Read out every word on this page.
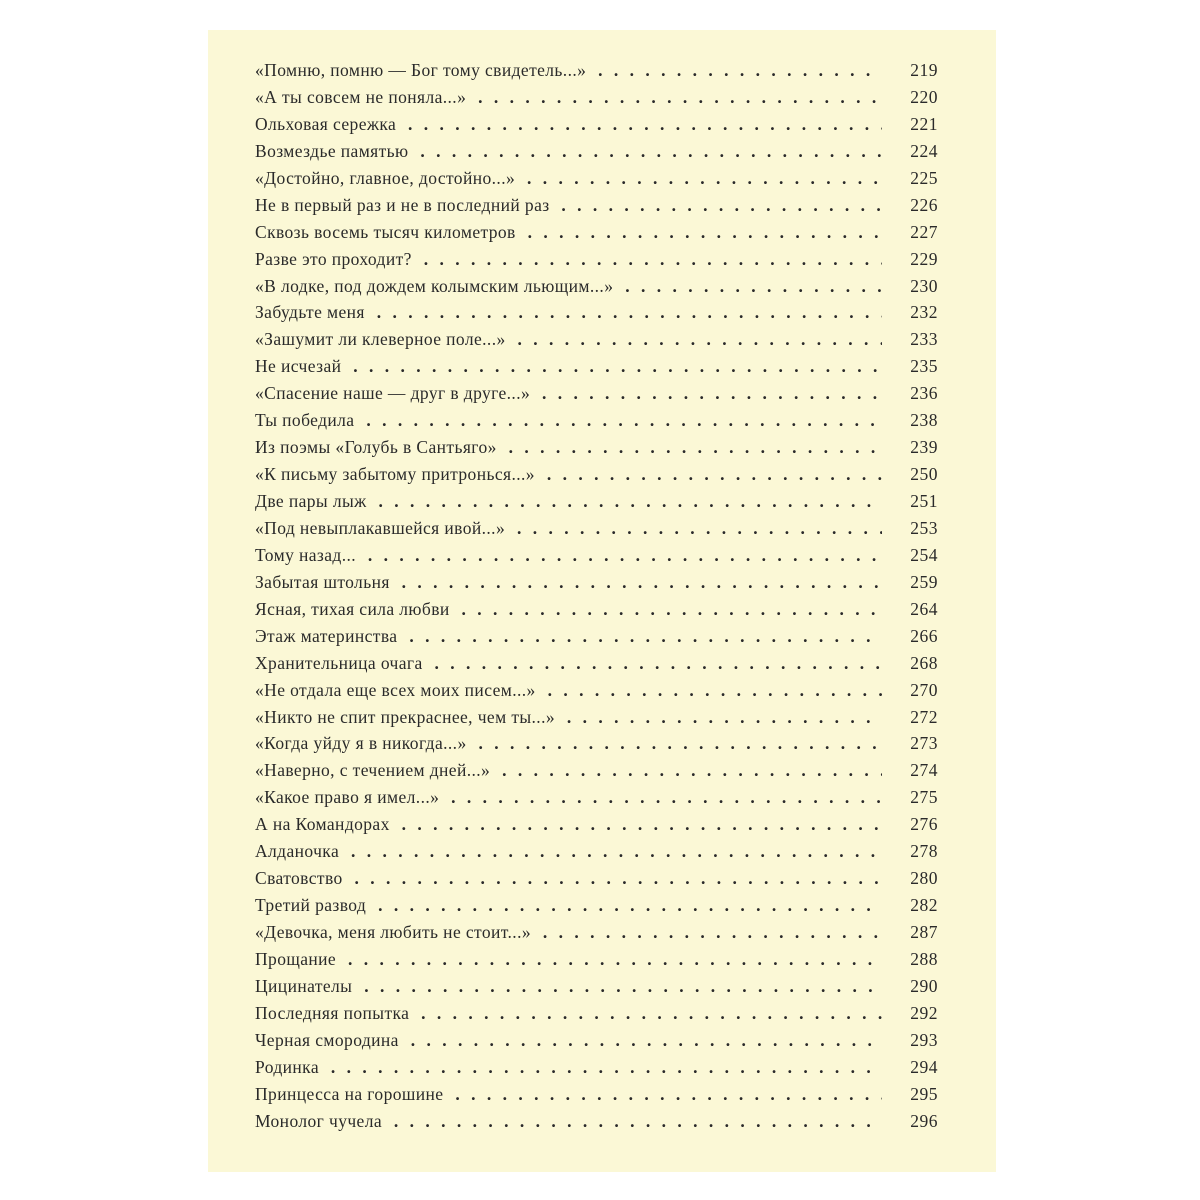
«Помню, помню — Бог тому свидетель...» . .	219
«А ты совсем не поняла...» . .	220
Ольховая сережка . .	221
Возмездье памятью . .	224
«Достойно, главное, достойно...» . .	225
Не в первый раз и не в последний раз . .	226
Сквозь восемь тысяч километров . .	227
Разве это проходит? . .	229
«В лодке, под дождем колымским льющим...» . .	230
Забудьте меня . .	232
«Зашумит ли клеверное поле...» . .	233
Не исчезай . .	235
«Спасение наше — друг в друге...» . .	236
Ты победила . .	238
Из поэмы «Голубь в Сантьяго» . .	239
«К письму забытому притронься...» . .	250
Две пары лыж . .	251
«Под невыплакавшейся ивой...» . .	253
Тому назад... . .	254
Забытая штольня . .	259
Ясная, тихая сила любви . .	264
Этаж материнства . .	266
Хранительница очага . .	268
«Не отдала еще всех моих писем...» . .	270
«Никто не спит прекраснее, чем ты...» . .	272
«Когда уйду я в никогда...» . .	273
«Наверно, с течением дней...» . .	274
«Какое право я имел...» . .	275
А на Командорах . .	276
Алданочка . .	278
Сватовство . .	280
Третий развод . .	282
«Девочка, меня любить не стоит...» . .	287
Прощание . .	288
Цицинателы . .	290
Последняя попытка . .	292
Черная смородина . .	293
Родинка . .	294
Принцесса на горошине . .	295
Монолог чучела . .	296
